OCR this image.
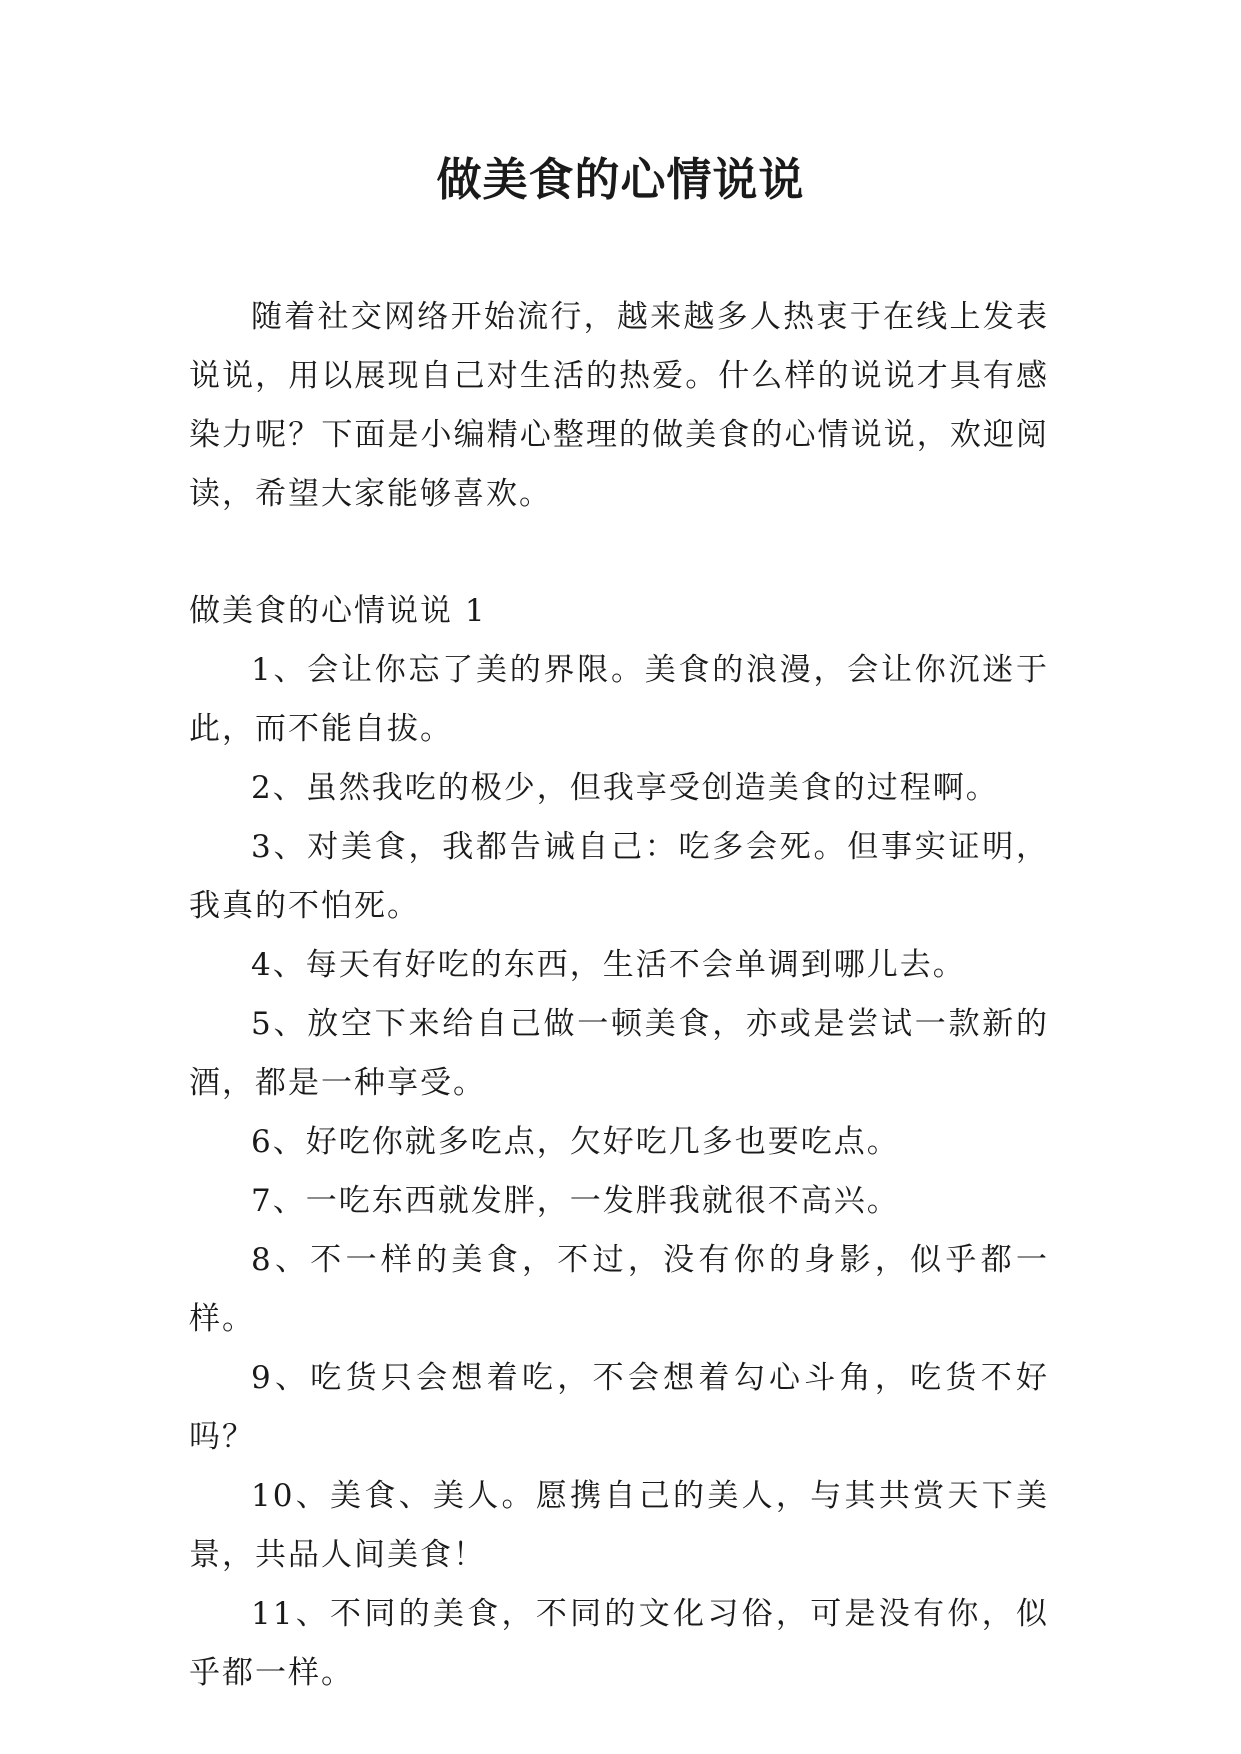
做美食的心情说说

随着社交网络开始流行，越来越多人热衷于在线上发表说说，用以展现自己对生活的热爱。什么样的说说才具有感染力呢？下面是小编精心整理的做美食的心情说说，欢迎阅读，希望大家能够喜欢。

做美食的心情说说 1

1、会让你忘了美的界限。美食的浪漫，会让你沉迷于此，而不能自拔。

2、虽然我吃的极少，但我享受创造美食的过程啊。

3、对美食，我都告诫自己：吃多会死。但事实证明，我真的不怕死。

4、每天有好吃的东西，生活不会单调到哪儿去。

5、放空下来给自己做一顿美食，亦或是尝试一款新的酒，都是一种享受。

6、好吃你就多吃点，欠好吃几多也要吃点。

7、一吃东西就发胖，一发胖我就很不高兴。

8、不一样的美食，不过，没有你的身影，似乎都一样。

9、吃货只会想着吃，不会想着勾心斗角，吃货不好吗？

10、美食、美人。愿携自己的美人，与其共赏天下美景，共品人间美食！

11、不同的美食，不同的文化习俗，可是没有你，似乎都一样。
